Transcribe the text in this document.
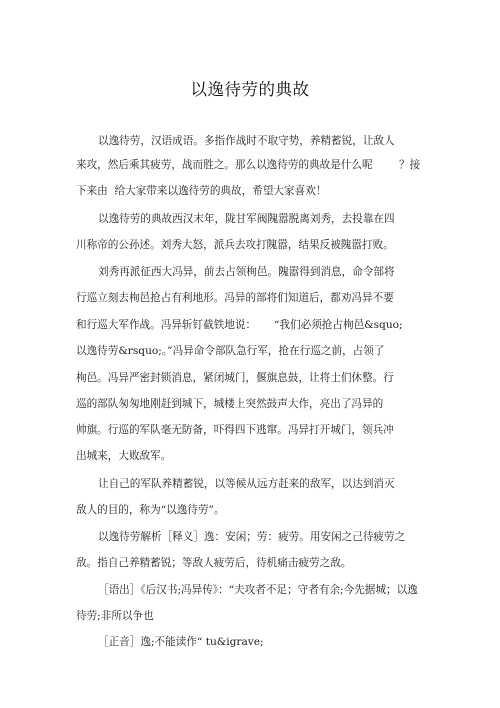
以逸待劳的典故
以逸待劳，汉语成语。多指作战时不取守势，养精蓄锐，让敌人
来攻，然后乘其疲劳，战而胜之。那么以逸待劳的典故是什么呢 ？接
下来由  给大家带来以逸待劳的典故，希望大家喜欢！
以逸待劳的典故西汉末年，陇甘军阀隗嚣脱离刘秀，去投靠在四
川称帝的公孙述。刘秀大怒，派兵去攻打隗嚣，结果反被隗嚣打败。
刘秀再派征西大冯异，前去占领栒邑。隗嚣得到消息，命令部将
行巡立刻去栒邑抢占有利地形。冯异的部将们知道后，都劝冯异不要
和行巡大军作战。冯异斩钉截铁地说： “我们必须抢占栒邑&squo;
以逸待劳&rsquo;。”冯异命令部队急行军，抢在行巡之前，占领了
栒邑。冯异严密封锁消息，紧闭城门，偃旗息鼓，让将士们休整。行
巡的部队匆匆地刚赶到城下，城楼上突然鼓声大作，亮出了冯异的
帅旗。行巡的军队毫无防备，吓得四下逃窜。冯异打开城门，领兵冲
出城来，大败敌军。
让自己的军队养精蓄锐，以等候从远方赶来的敌军，以达到消灭
敌人的目的，称为“以逸待劳”。
以逸待劳解析［释义］逸：安闲；劳：疲劳。用安闲之己待疲劳之
敌。指自己养精蓄锐；等敌人疲劳后，待机痛击疲劳之敌。
［语出］《后汉书;冯异传》：“夫攻者不足；守者有余;今先据城；以逸
待劳;非所以争也
［正音］逸;不能读作“ tu&igrave;
